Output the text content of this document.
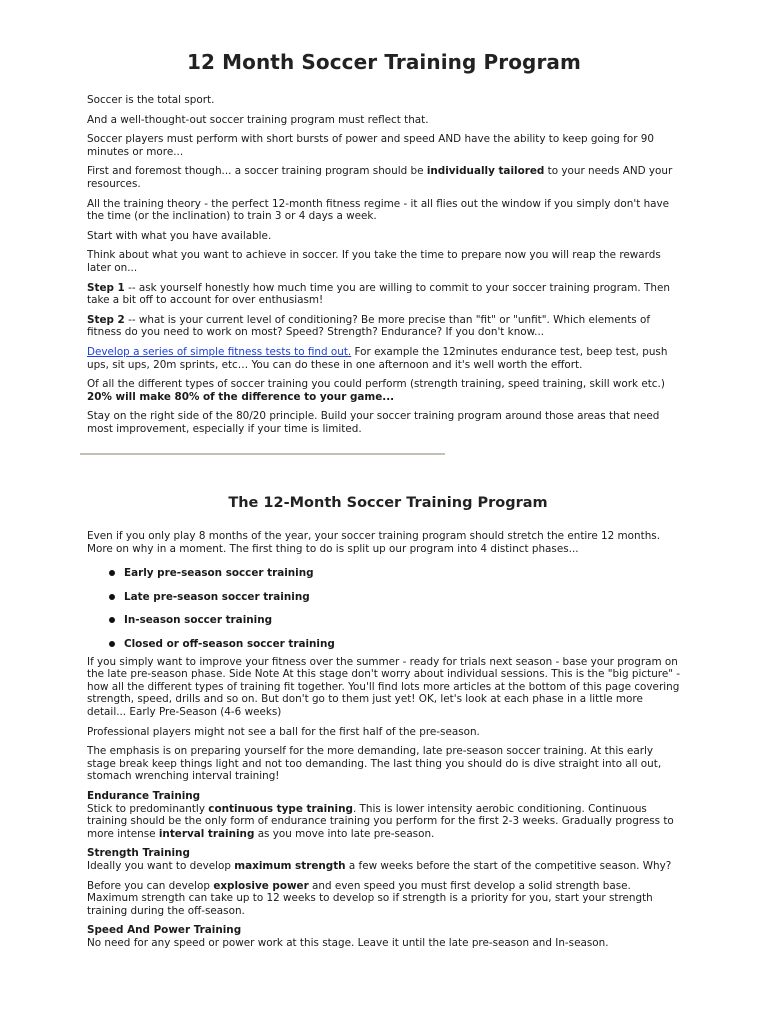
12 Month Soccer Training Program

Soccer is the total sport.

And a well-thought-out soccer training program must reflect that.

Soccer players must perform with short bursts of power and speed AND have the ability to keep going for 90 minutes or more...

First and foremost though... a soccer training program should be individually tailored to your needs AND your resources.

All the training theory - the perfect 12-month fitness regime - it all flies out the window if you simply don't have the time (or the inclination) to train 3 or 4 days a week.

Start with what you have available.

Think about what you want to achieve in soccer. If you take the time to prepare now you will reap the rewards later on...

Step 1 -- ask yourself honestly how much time you are willing to commit to your soccer training program. Then take a bit off to account for over enthusiasm!

Step 2 -- what is your current level of conditioning? Be more precise than "fit" or "unfit". Which elements of fitness do you need to work on most? Speed? Strength? Endurance? If you don't know...

Develop a series of simple fitness tests to find out. For example the 12minutes endurance test, beep test, push ups, sit ups, 20m sprints, etc… You can do these in one afternoon and it's well worth the effort.

Of all the different types of soccer training you could perform (strength training, speed training, skill work etc.) 20% will make 80% of the difference to your game...

Stay on the right side of the 80/20 principle. Build your soccer training program around those areas that need most improvement, especially if your time is limited.

The 12-Month Soccer Training Program

Even if you only play 8 months of the year, your soccer training program should stretch the entire 12 months. More on why in a moment. The first thing to do is split up our program into 4 distinct phases...

Early pre-season soccer training
Late pre-season soccer training
In-season soccer training
Closed or off-season soccer training

If you simply want to improve your fitness over the summer - ready for trials next season - base your program on the late pre-season phase. Side Note At this stage don't worry about individual sessions. This is the "big picture" - how all the different types of training fit together. You'll find lots more articles at the bottom of this page covering strength, speed, drills and so on. But don't go to them just yet! OK, let's look at each phase in a little more detail... Early Pre-Season (4-6 weeks)

Professional players might not see a ball for the first half of the pre-season.

The emphasis is on preparing yourself for the more demanding, late pre-season soccer training. At this early stage break keep things light and not too demanding. The last thing you should do is dive straight into all out, stomach wrenching interval training!

Endurance Training
Stick to predominantly continuous type training. This is lower intensity aerobic conditioning. Continuous training should be the only form of endurance training you perform for the first 2-3 weeks. Gradually progress to more intense interval training as you move into late pre-season.

Strength Training
Ideally you want to develop maximum strength a few weeks before the start of the competitive season. Why?

Before you can develop explosive power and even speed you must first develop a solid strength base. Maximum strength can take up to 12 weeks to develop so if strength is a priority for you, start your strength training during the off-season.

Speed And Power Training
No need for any speed or power work at this stage. Leave it until the late pre-season and In-season.
